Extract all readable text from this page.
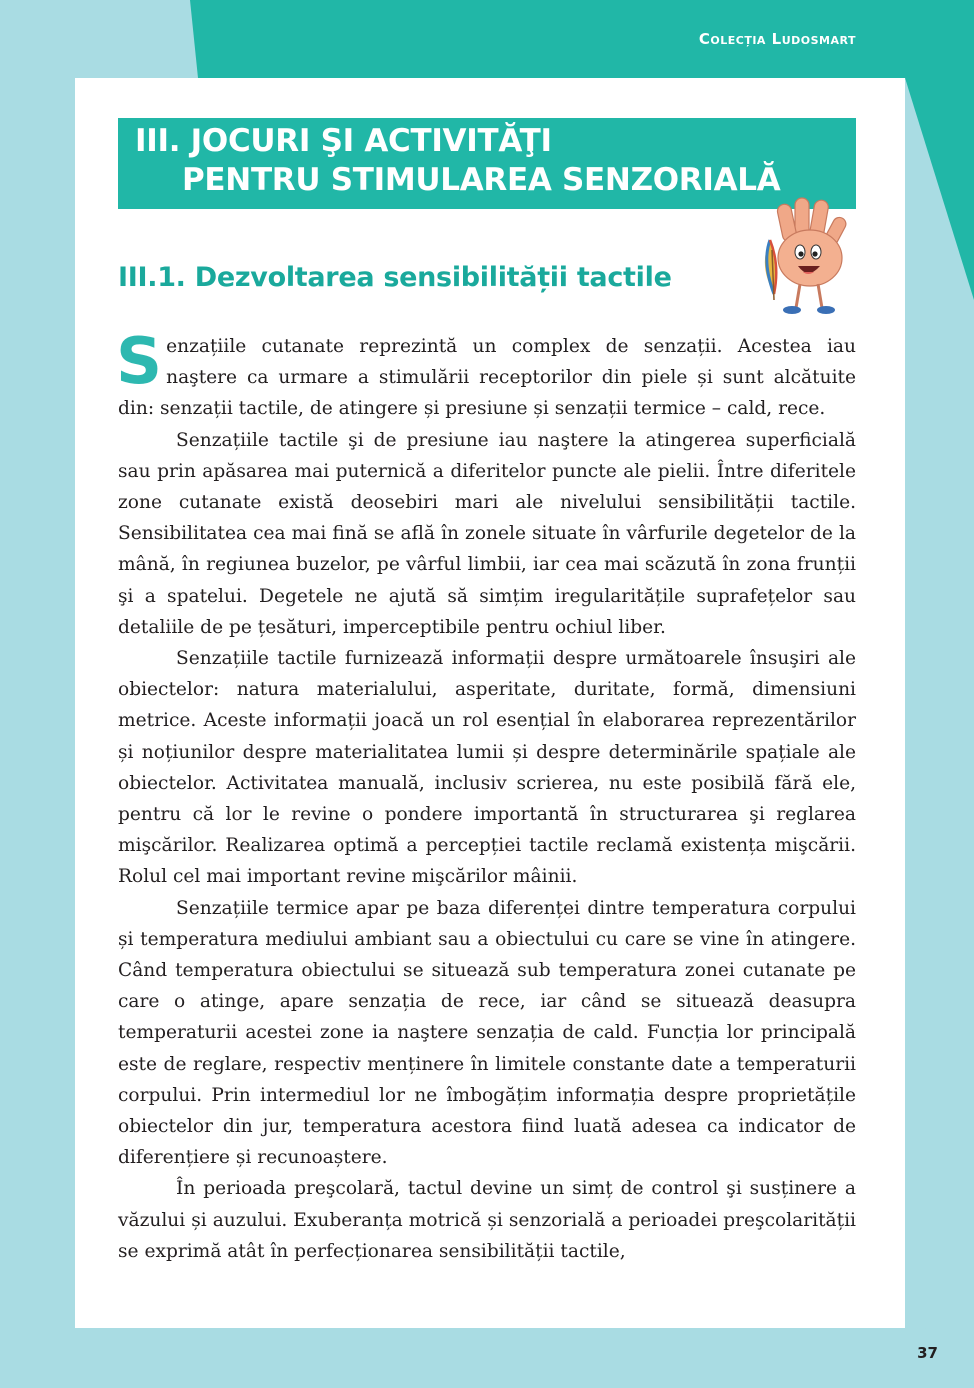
Colecția Ludosmart
III. JOCURI ŞI ACTIVITĂŢI
PENTRU STIMULAREA SENZORIALĂ
III.1. Dezvoltarea sensibilității tactile

Senzațiile cutanate reprezintă un complex de senzații. Acestea iau naştere ca urmare a stimulării receptorilor din piele și sunt alcătuite din: senzații tactile, de atingere și presiune și senzații termice – cald, rece.

Senzațiile tactile şi de presiune iau naştere la atingerea superficială sau prin apăsarea mai puternică a diferitelor puncte ale pielii. Între diferitele zone cutanate există deosebiri mari ale nivelului sensibilității tactile. Sensibilitatea cea mai fină se află în zonele situate în vârfurile degetelor de la mână, în regiunea buzelor, pe vârful limbii, iar cea mai scăzută în zona frunții şi a spatelui. Degetele ne ajută să simțim iregularitățile suprafețelor sau detaliile de pe țesături, imperceptibile pentru ochiul liber.

Senzațiile tactile furnizează informații despre următoarele însuşiri ale obiectelor: natura materialului, asperitate, duritate, formă, dimensiuni metrice. Aceste informații joacă un rol esențial în elaborarea reprezentărilor și noțiunilor despre materialitatea lumii și despre determinările spațiale ale obiectelor. Activitatea manuală, inclusiv scrierea, nu este posibilă fără ele, pentru că lor le revine o pondere importantă în structurarea şi reglarea mişcărilor. Realizarea optimă a percepției tactile reclamă existența mişcării. Rolul cel mai important revine mişcărilor mâinii.

Senzațiile termice apar pe baza diferenței dintre temperatura corpului și temperatura mediului ambiant sau a obiectului cu care se vine în atingere. Când temperatura obiectului se situează sub temperatura zonei cutanate pe care o atinge, apare senzația de rece, iar când se situează deasupra temperaturii acestei zone ia naştere senzația de cald. Funcția lor principală este de reglare, respectiv menținere în limitele constante date a temperaturii corpului. Prin intermediul lor ne îmbogățim informația despre proprietățile obiectelor din jur, temperatura acestora fiind luată adesea ca indicator de diferențiere și recunoaștere.

În perioada preşcolară, tactul devine un simț de control şi susținere a văzului și auzului. Exuberanța motrică și senzorială a perioadei preşcolarității se exprimă atât în perfecționarea sensibilității tactile,

37
